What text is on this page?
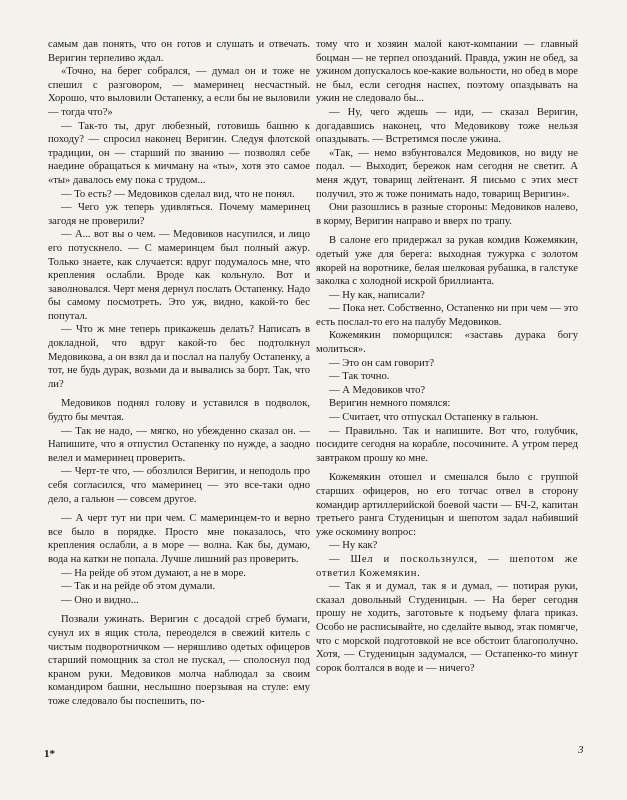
самым дав понять, что он готов и слушать и отвечать. Веригин терпеливо ждал.

«Точно, на берег собрался, — думал он и тоже не спешил с разговором, — мамеринец несчастный. Хорошо, что выловили Остапенку, а если бы не выловили — тогда что?»

— Так-то ты, друг любезный, готовишь башню к походу? — спросил наконец Веригин. Следуя флотской традиции, он — старший по званию — позволял себе наедине обращаться к мичману на «ты», хотя это самое «ты» давалось ему пока с трудом...

— То есть? — Медовиков сделал вид, что не понял.

— Чего уж теперь удивляться. Почему мамеринец загодя не проверили?

— А... вот вы о чем. — Медовиков насупился, и лицо его потускнело. — С мамеринцем был полный ажур. Только знаете, как случается: вдруг подумалось мне, что крепления ослабли. Вроде как кольнуло. Вот и заволновался. Черт меня дернул послать Остапенку. Надо бы самому посмотреть. Это уж, видно, какой-то бес попутал.

— Что ж мне теперь прикажешь делать? Написать в докладной, что вдруг какой-то бес подтолкнул Медовикова, а он взял да и послал на палубу Остапенку, а тот, не будь дурак, возьми да и вывались за борт. Так, что ли?

Медовиков поднял голову и уставился в подволок, будто бы мечтая.

— Так не надо, — мягко, но убежденно сказал он. — Напишите, что я отпустил Остапенку по нужде, а заодно велел и мамеринец проверить.

— Черт-те что, — обозлился Веригин, и неподоль про себя согласился, что мамеринец — это все-таки одно дело, а гальюн — совсем другое.

— А черт тут ни при чем. С мамеринцем-то и верно все было в порядке. Просто мне показалось, что крепления ослабли, а в море — волна. Как бы, думаю, вода на катки не попала. Лучше лишний раз проверить.

— На рейде об этом думают, а не в море.

— Так и на рейде об этом думали.

— Оно и видно...

Позвали ужинать. Веригин с досадой сгреб бумаги, сунул их в ящик стола, переоделся в свежий китель с чистым подворотничком — неряшливо одетых офицеров старший помощник за стол не пускал, — сполоснул под краном руки. Медовиков молча наблюдал за своим командиром башни, неслышно поерзывая на стуле: ему тоже следовало бы поспешить, по-

тому что и хозяин малой кают-компании — главный боцман — не терпел опозданий. Правда, ужин не обед, за ужином допускалось кое-какие вольности, но обед в море не был, если сегодня наспех, поэтому опаздывать на ужин не следовало бы...

— Ну, чего ждешь — иди, — сказал Веригин, догадавшись наконец, что Медовикову тоже нельзя опаздывать. — Встретимся после ужина.

«Так, — немо взбунтовался Медовиков, но виду не подал. — Выходит, бережок нам сегодня не светит. А меня ждут, товарищ лейтенант. Я письмо с этих мест получил, это ж тоже понимать надо, товарищ Веригин».

Они разошлись в разные стороны: Медовиков налево, в корму, Веригин направо и вверх по трапу.

В салоне его придержал за рукав комдив Кожемякин, одетый уже для берега: выходная тужурка с золотом якорей на воротнике, белая шелковая рубашка, в галстуке заколка с холодной искрой бриллианта.

— Ну как, написали?

— Пока нет. Собственно, Остапенко ни при чем — это есть послал-то его на палубу Медовиков.

Кожемякин поморщился: «заставь дурака богу молиться».

— Это он сам говорит?

— Так точно.

— А Медовиков что?

Веригин немного помялся:

— Считает, что отпускал Остапенку в гальюн.

— Правильно. Так и напишите. Вот что, голубчик, посидите сегодня на корабле, посочините. А утром перед завтраком прошу ко мне.

Кожемякин отошел и смешался было с группой старших офицеров, но его тотчас отвел в сторону командир артиллерийской боевой части — БЧ-2, капитан третьего ранга Студеницын и шепотом задал набивший уже оскомину вопрос:

— Ну как?

— Шел и поскользнулся, — шепотом же ответил Кожемякин.

— Так я и думал, так я и думал, — потирая руки, сказал довольный Студеницын. — На берег сегодня прошу не ходить, заготовьте к подъему флага приказ. Особо не расписывайте, но сделайте вывод, этак помягче, что с морской подготовкой не все обстоит благополучно. Хотя, — Студеницын задумался, — Остапенко-то минут сорок болтался в воде и — ничего?

1*	3
